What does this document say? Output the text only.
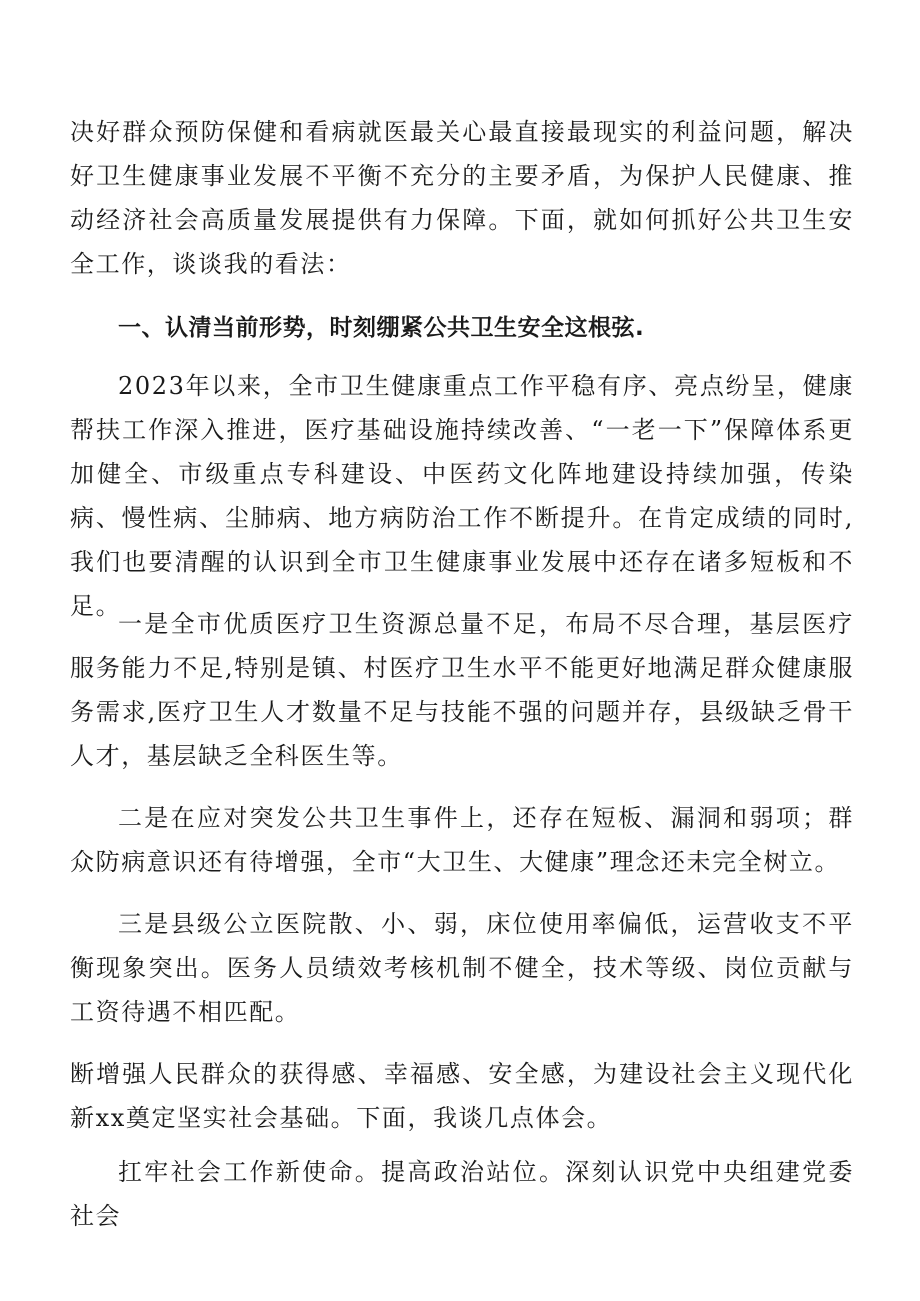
决好群众预防保健和看病就医最关心最直接最现实的利益问题，解决好卫生健康事业发展不平衡不充分的主要矛盾，为保护人民健康、推动经济社会高质量发展提供有力保障。下面，就如何抓好公共卫生安全工作，谈谈我的看法：

一、认清当前形势，时刻绷紧公共卫生安全这根弦.

2023年以来，全市卫生健康重点工作平稳有序、亮点纷呈，健康帮扶工作深入推进，医疗基础设施持续改善、“一老一下”保障体系更加健全、市级重点专科建设、中医药文化阵地建设持续加强，传染病、慢性病、尘肺病、地方病防治工作不断提升。在肯定成绩的同时,我们也要清醒的认识到全市卫生健康事业发展中还存在诸多短板和不足。

一是全市优质医疗卫生资源总量不足，布局不尽合理，基层医疗服务能力不足,特别是镇、村医疗卫生水平不能更好地满足群众健康服务需求,医疗卫生人才数量不足与技能不强的问题并存，县级缺乏骨干人才，基层缺乏全科医生等。

二是在应对突发公共卫生事件上，还存在短板、漏洞和弱项；群众防病意识还有待增强，全市“大卫生、大健康”理念还未完全树立。

三是县级公立医院散、小、弱，床位使用率偏低，运营收支不平衡现象突出。医务人员绩效考核机制不健全，技术等级、岗位贡献与工资待遇不相匹配。

断增强人民群众的获得感、幸福感、安全感，为建设社会主义现代化新xx奠定坚实社会基础。下面，我谈几点体会。

扛牢社会工作新使命。提高政治站位。深刻认识党中央组建党委社会
